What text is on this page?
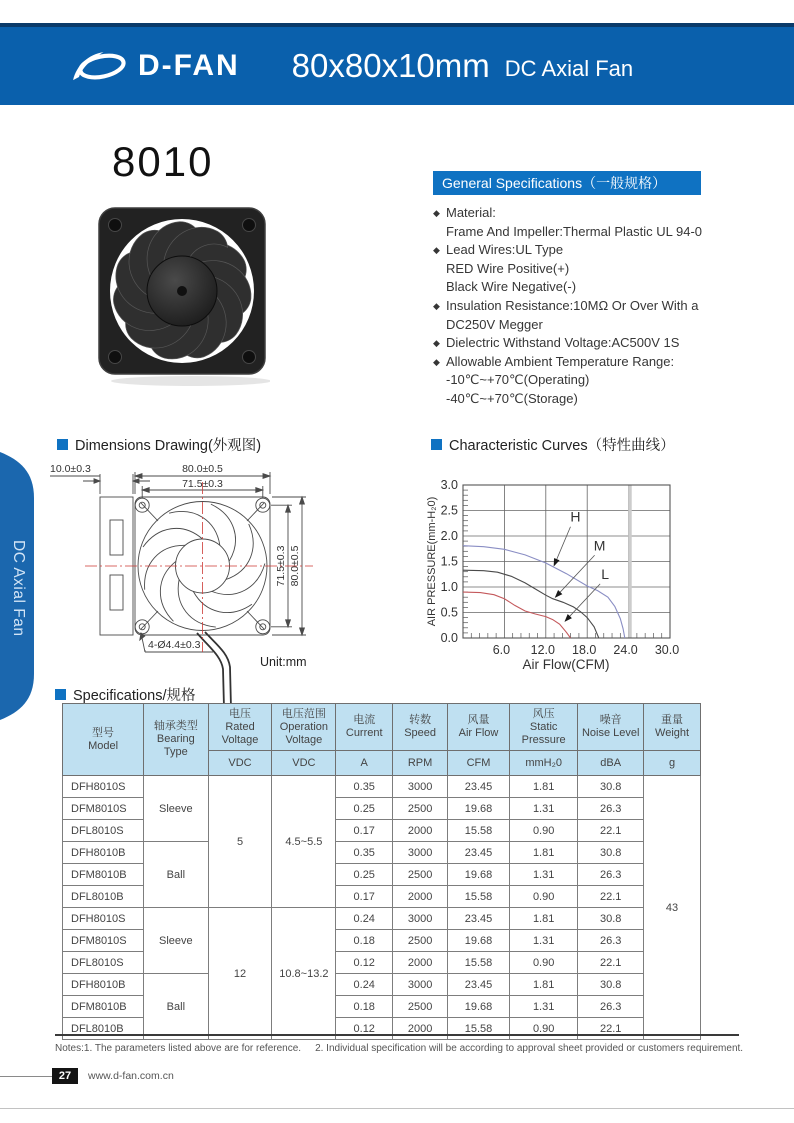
D-FAN 80x80x10mm DC Axial Fan
8010	General Specifications（一般规格）
◆ Material:
Frame And Impeller:Thermal Plastic UL 94-0
◆ Lead Wires:UL Type
RED Wire Positive(+)
Black Wire Negative(-)
◆ Insulation Resistance:10MΩ Or Over With a
DC250V Megger
◆ Dielectric Withstand Voltage:AC500V 1S
◆ Allowable Ambient Temperature Range:
-10℃~+70℃(Operating)
-40℃~+70℃(Storage)
Dimensions Drawing(外观图)	Characteristic Curves（特性曲线）
Specifications/规格
DC Axial Fan
10.0±0.3	80.0±0.5
71.5±0.3
71.5±0.3 80.0±0.5
4-Ø4.4±0.3
Unit:mm
H
M
L
6.0 12.0 18.0 24.0 30.0
0.0
0.5
1.0
1.5
2.0
2.5
3.0
Air Flow(CFM)
AIR PRESSURE(mm-H₂0)
型号
Model

轴承类型
Bearing Type

电压
Rated Voltage

电压范围
Operation Voltage

电流
Current

转数
Speed

风量
Air Flow

风压
Static Pressure

噪音
Noise Level

重量
Weight

		VDC	VDC	A	RPM	CFM	mmH₂0	dBA	g
DFH8010S	Sleeve	5	4.5~5.5	0.35	3000	23.45	1.81	30.8	43
DFM8010S				0.25	2500	19.68	1.31	26.3	
DFL8010S				0.17	2000	15.58	0.90	22.1	
DFH8010B	Ball			0.35	3000	23.45	1.81	30.8	
DFM8010B				0.25	2500	19.68	1.31	26.3	
DFL8010B				0.17	2000	15.58	0.90	22.1	
DFH8010S	Sleeve	12	10.8~13.2	0.24	3000	23.45	1.81	30.8	
DFM8010S				0.18	2500	19.68	1.31	26.3	
DFL8010S				0.12	2000	15.58	0.90	22.1	
DFH8010B	Ball			0.24	3000	23.45	1.81	30.8	
DFM8010B				0.18	2500	19.68	1.31	26.3	
DFL8010B				0.12	2000	15.58	0.90	22.1	
Notes:1. The parameters listed above are for reference. 2. Individual specification will be according to approval sheet provided or customers requirement.
27	www.d-fan.com.cn
